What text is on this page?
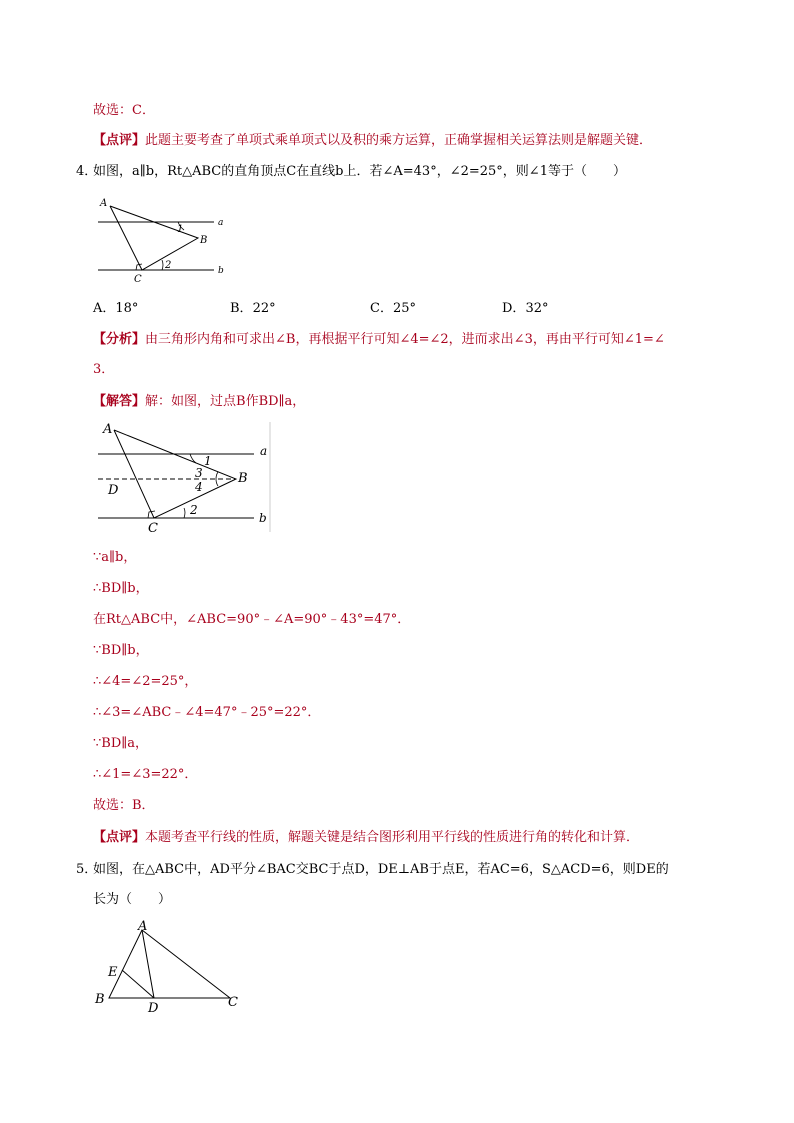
故选：C．
【点评】此题主要考查了单项式乘单项式以及积的乘方运算，正确掌握相关运算法则是解题关键．
4．
如图，a∥b，Rt△ABC的直角顶点C在直线b上．若∠A=43°，∠2=25°，则∠1等于（　　）
A
a
1
B
2
C
b
A．18°	B．22°	C．25°	D．32°
【分析】由三角形内角和可求出∠B，再根据平行可知∠4=∠2，进而求出∠3，再由平行可知∠1=∠
3．
【解答】解：如图，过点B作BD∥a，
A
a
1
3
4
D
B
2
C
b
∵a∥b，
∴BD∥b，
在Rt△ABC中，∠ABC=90°﹣∠A=90°﹣43°=47°．
∵BD∥b，
∴∠4=∠2=25°，
∴∠3=∠ABC﹣∠4=47°﹣25°=22°．
∵BD∥a，
∴∠1=∠3=22°．
故选：B．
【点评】本题考查平行线的性质，解题关键是结合图形利用平行线的性质进行角的转化和计算．
5．
如图，在△ABC中，AD平分∠BAC交BC于点D，DE⊥AB于点E，若AC=6，S△ACD=6，则DE的
长为（　　）
A
E
B
D	C
